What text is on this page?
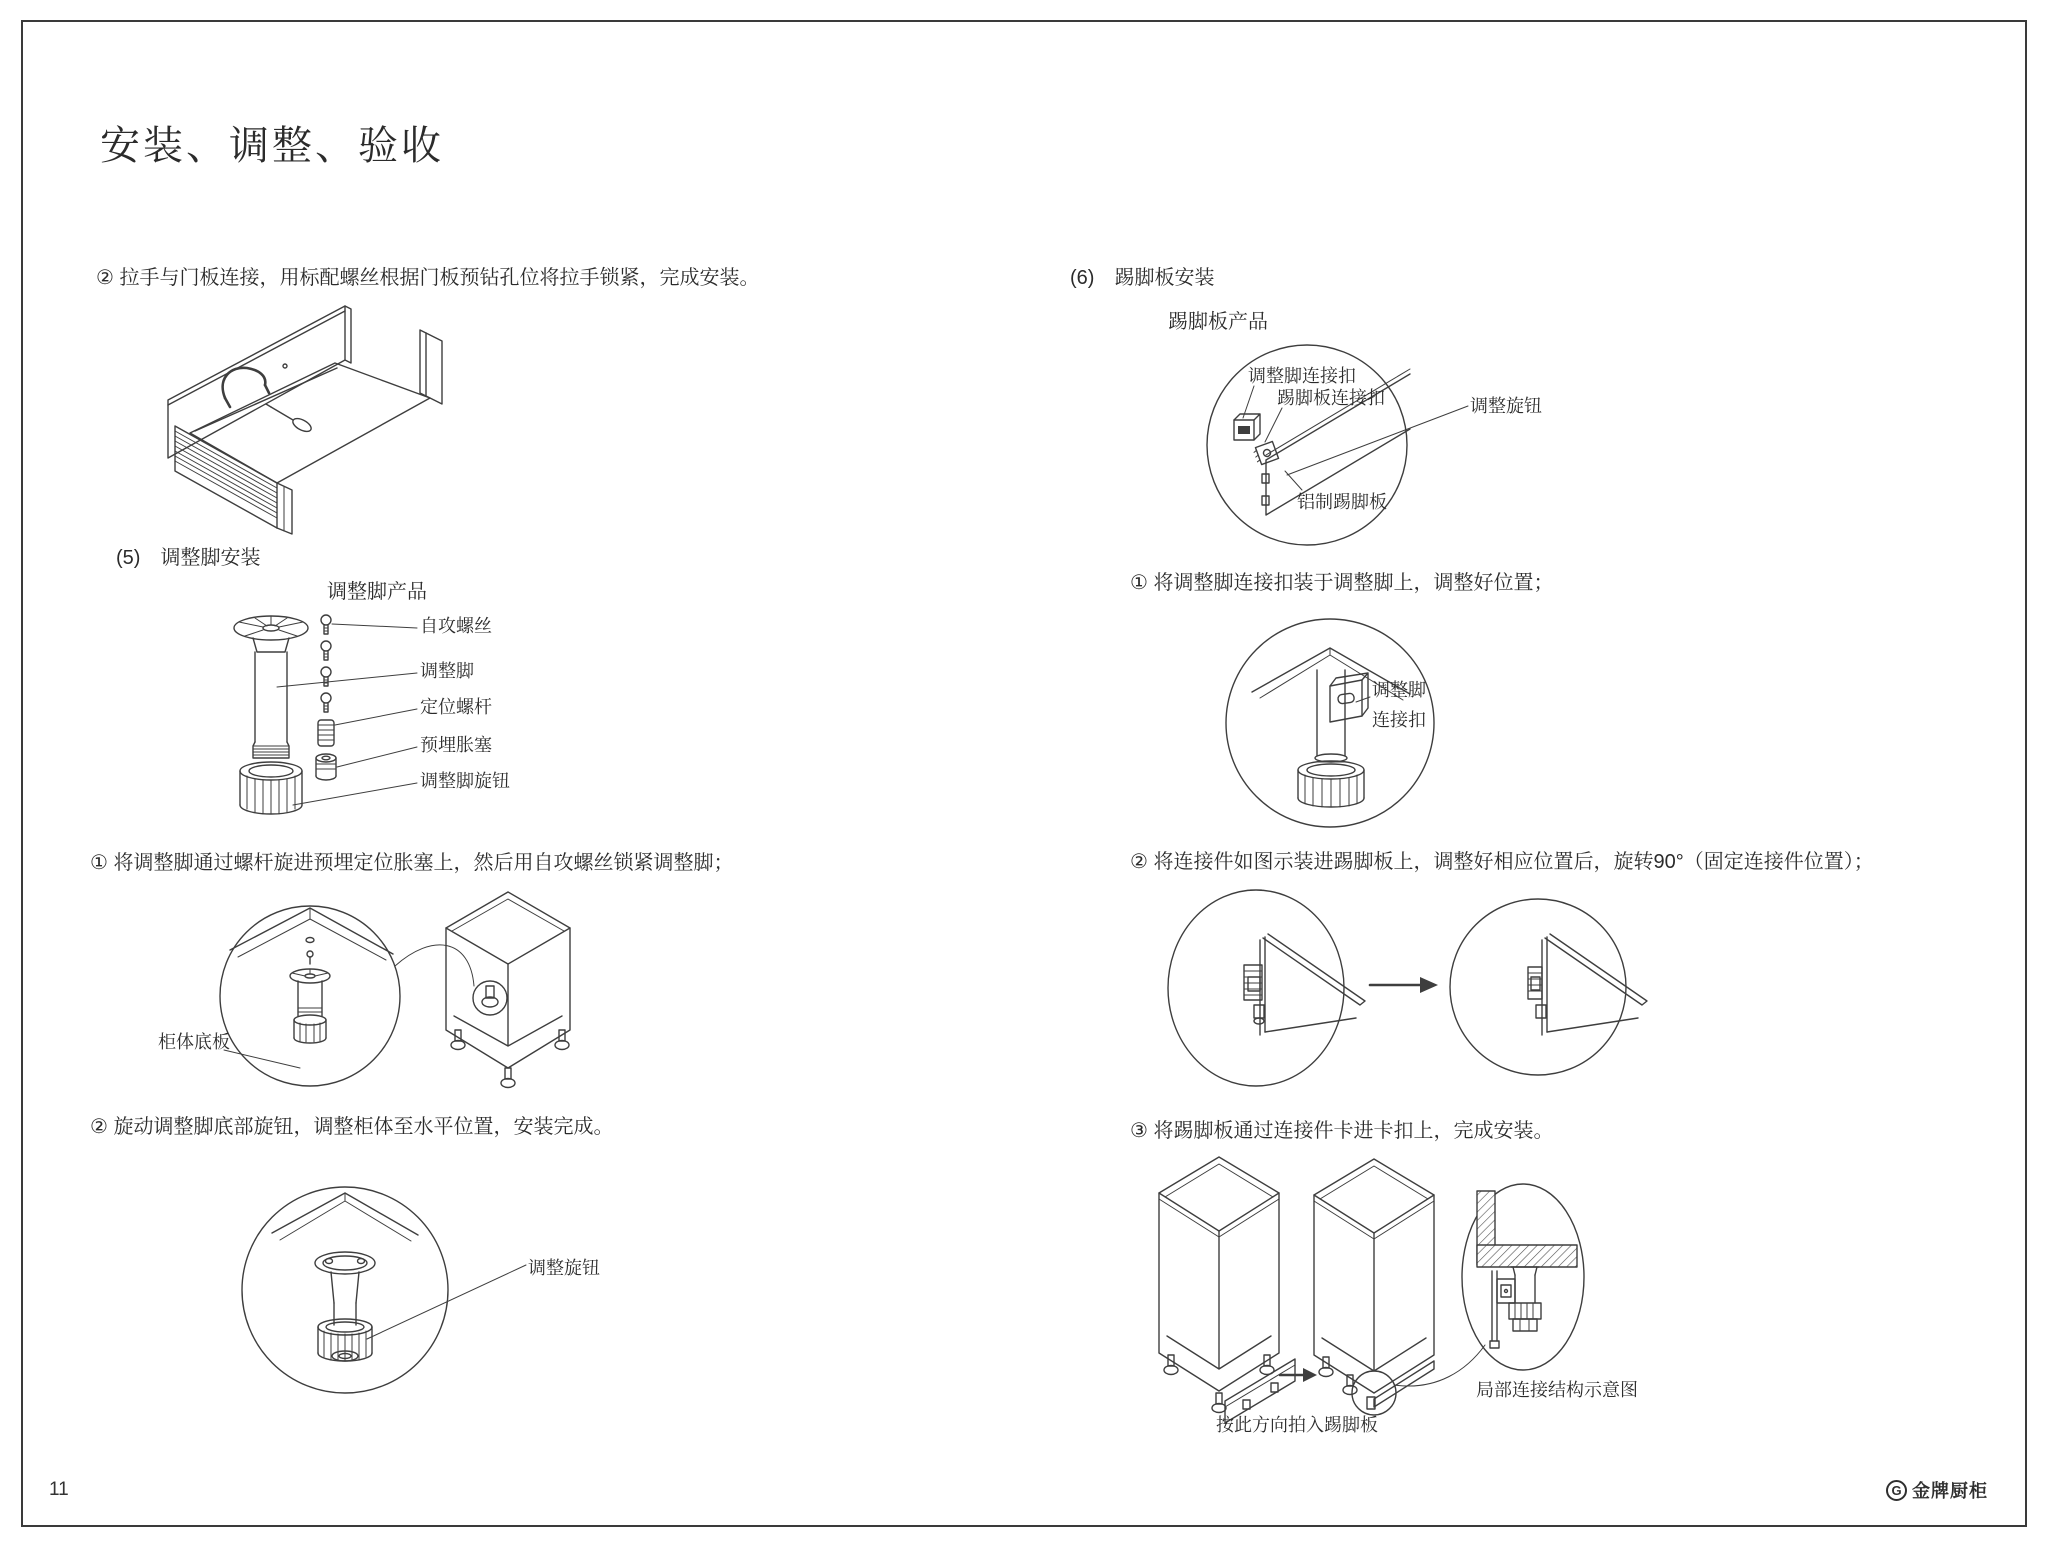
安装、调整、验收
② 拉手与门板连接，用标配螺丝根据门板预钻孔位将拉手锁紧，完成安装。
(5)　调整脚安装
调整脚产品
自攻螺丝
调整脚
定位螺杆
预埋胀塞
调整脚旋钮
① 将调整脚通过螺杆旋进预埋定位胀塞上，然后用自攻螺丝锁紧调整脚；
柜体底板
② 旋动调整脚底部旋钮，调整柜体至水平位置，安装完成。
调整旋钮
(6)　踢脚板安装
踢脚板产品
调整脚连接扣
踢脚板连接扣	调整旋钮
铝制踢脚板
① 将调整脚连接扣装于调整脚上，调整好位置；
调整脚
连接扣
② 将连接件如图示装进踢脚板上，调整好相应位置后，旋转90°（固定连接件位置）；
③ 将踢脚板通过连接件卡进卡扣上，完成安装。
局部连接结构示意图
按此方向拍入踢脚板
11	G 金牌厨柜
